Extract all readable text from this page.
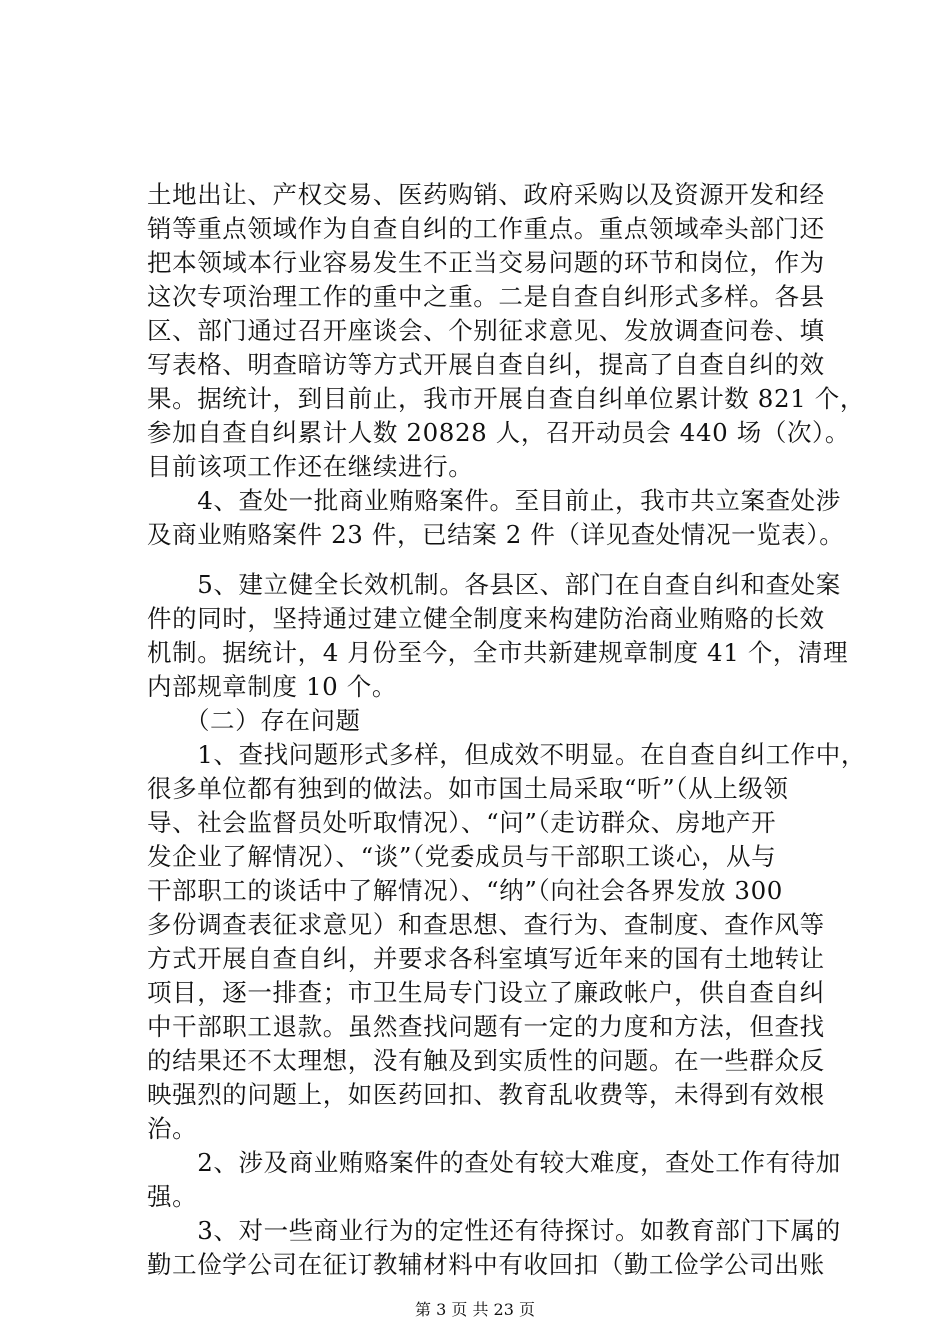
土地出让、产权交易、医药购销、政府采购以及资源开发和经
销等重点领域作为自查自纠的工作重点。重点领域牵头部门还
把本领域本行业容易发生不正当交易问题的环节和岗位，作为
这次专项治理工作的重中之重。二是自查自纠形式多样。各县
区、部门通过召开座谈会、个别征求意见、发放调查问卷、填
写表格、明查暗访等方式开展自查自纠，提高了自查自纠的效
果。据统计，到目前止，我市开展自查自纠单位累计数 821 个，
参加自查自纠累计人数 20828 人，召开动员会 440 场（次）。
目前该项工作还在继续进行。
　　4、查处一批商业贿赂案件。至目前止，我市共立案查处涉
及商业贿赂案件 23 件，已结案 2 件（详见查处情况一览表）。
　　5、建立健全长效机制。各县区、部门在自查自纠和查处案
件的同时，坚持通过建立健全制度来构建防治商业贿赂的长效
机制。据统计，4 月份至今，全市共新建规章制度 41 个，清理
内部规章制度 10 个。
　　（二）存在问题
　　1、查找问题形式多样，但成效不明显。在自查自纠工作中，
很多单位都有独到的做法。如市国土局采取“听”（从上级领
导、社会监督员处听取情况）、“问”（走访群众、房地产开
发企业了解情况）、“谈”（党委成员与干部职工谈心，从与
干部职工的谈话中了解情况）、“纳”（向社会各界发放 300
多份调查表征求意见）和查思想、查行为、查制度、查作风等
方式开展自查自纠，并要求各科室填写近年来的国有土地转让
项目，逐一排查；市卫生局专门设立了廉政帐户，供自查自纠
中干部职工退款。虽然查找问题有一定的力度和方法，但查找
的结果还不太理想，没有触及到实质性的问题。在一些群众反
映强烈的问题上，如医药回扣、教育乱收费等，未得到有效根
治。
　　2、涉及商业贿赂案件的查处有较大难度，查处工作有待加
强。
　　3、对一些商业行为的定性还有待探讨。如教育部门下属的
勤工俭学公司在征订教辅材料中有收回扣（勤工俭学公司出账
第 3 页 共 23 页
